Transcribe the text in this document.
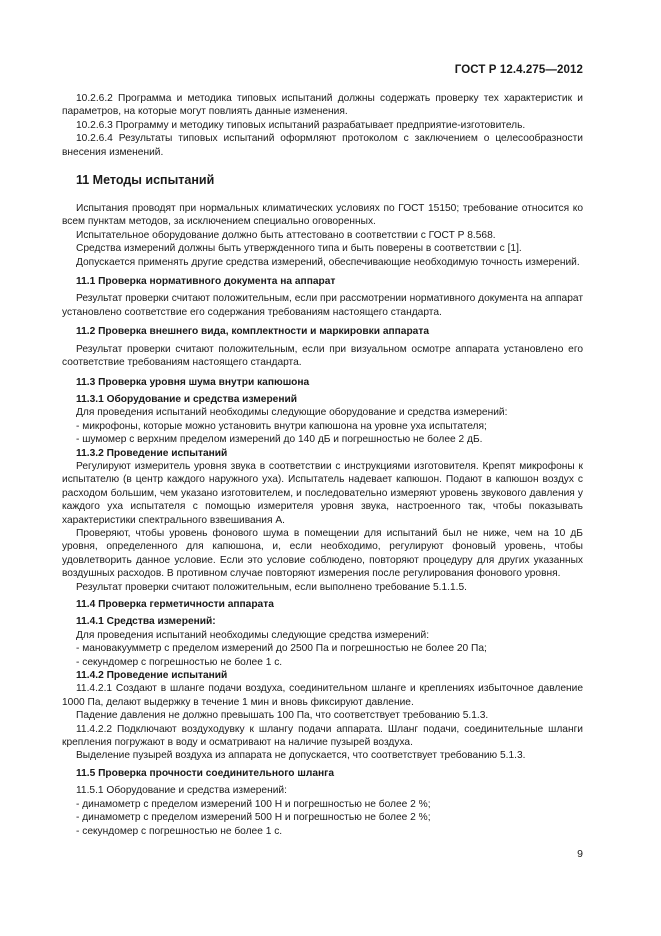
ГОСТ Р 12.4.275—2012

10.2.6.2 Программа и методика типовых испытаний должны содержать проверку тех характеристик и параметров, на которые могут повлиять данные изменения.

10.2.6.3 Программу и методику типовых испытаний разрабатывает предприятие-изготовитель.

10.2.6.4 Результаты типовых испытаний оформляют протоколом с заключением о целесообразности внесения изменений.

11 Методы испытаний

Испытания проводят при нормальных климатических условиях по ГОСТ 15150; требование относится ко всем пунктам методов, за исключением специально оговоренных.

Испытательное оборудование должно быть аттестовано в соответствии с ГОСТ Р 8.568.

Средства измерений должны быть утвержденного типа и быть поверены в соответствии с [1].

Допускается применять другие средства измерений, обеспечивающие необходимую точность измерений.

11.1 Проверка нормативного документа на аппарат

Результат проверки считают положительным, если при рассмотрении нормативного документа на аппарат установлено соответствие его содержания требованиям настоящего стандарта.

11.2 Проверка внешнего вида, комплектности и маркировки аппарата

Результат проверки считают положительным, если при визуальном осмотре аппарата установлено его соответствие требованиям настоящего стандарта.

11.3 Проверка уровня шума внутри капюшона

11.3.1 Оборудование и средства измерений

Для проведения испытаний необходимы следующие оборудование и средства измерений:

- микрофоны, которые можно установить внутри капюшона на уровне уха испытателя;

- шумомер с верхним пределом измерений до 140 дБ и погрешностью не более 2 дБ.

11.3.2 Проведение испытаний

Регулируют измеритель уровня звука в соответствии с инструкциями изготовителя. Крепят микрофоны к испытателю (в центр каждого наружного уха). Испытатель надевает капюшон. Подают в капюшон воздух с расходом большим, чем указано изготовителем, и последовательно измеряют уровень звукового давления у каждого уха испытателя с помощью измерителя уровня звука, настроенного так, чтобы показывать характеристики спектрального взвешивания А.

Проверяют, чтобы уровень фонового шума в помещении для испытаний был не ниже, чем на 10 дБ уровня, определенного для капюшона, и, если необходимо, регулируют фоновый уровень, чтобы удовлетворить данное условие. Если это условие соблюдено, повторяют процедуру для других указанных воздушных расходов. В противном случае повторяют измерения после регулирования фонового уровня.

Результат проверки считают положительным, если выполнено требование 5.1.1.5.

11.4 Проверка герметичности аппарата

11.4.1 Средства измерений:

Для проведения испытаний необходимы следующие средства измерений:

- мановакуумметр с пределом измерений до 2500 Па и погрешностью не более 20 Па;

- секундомер с погрешностью не более 1 с.

11.4.2 Проведение испытаний

11.4.2.1 Создают в шланге подачи воздуха, соединительном шланге и креплениях избыточное давление 1000 Па, делают выдержку в течение 1 мин и вновь фиксируют давление.

Падение давления не должно превышать 100 Па, что соответствует требованию 5.1.3.

11.4.2.2 Подключают воздуходувку к шлангу подачи аппарата. Шланг подачи, соединительные шланги крепления погружают в воду и осматривают на наличие пузырей воздуха.

Выделение пузырей воздуха из аппарата не допускается, что соответствует требованию 5.1.3.

11.5 Проверка прочности соединительного шланга

11.5.1 Оборудование и средства измерений:

- динамометр с пределом измерений 100 Н и погрешностью не более 2 %;

- динамометр с пределом измерений 500 Н и погрешностью не более 2 %;

- секундомер с погрешностью не более 1 с.

9
